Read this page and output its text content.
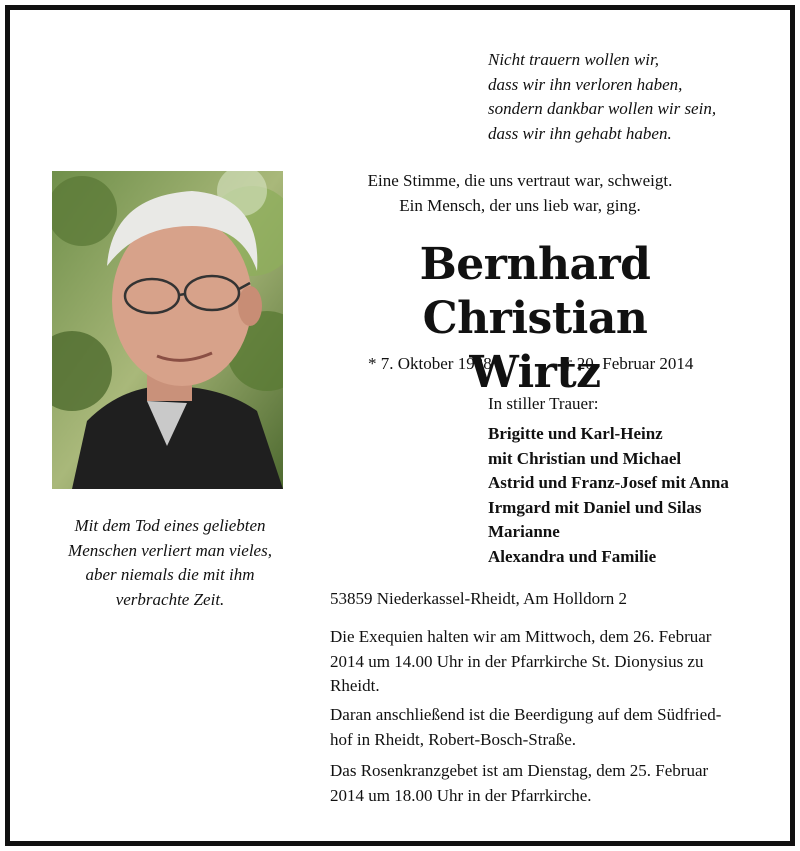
Nicht trauern wollen wir,
dass wir ihn verloren haben,
sondern dankbar wollen wir sein,
dass wir ihn gehabt haben.
Mit dem Tod eines geliebten
Menschen verliert man vieles,
aber niemals die mit ihm
verbrachte Zeit.
Eine Stimme, die uns vertraut war, schweigt.
Ein Mensch, der uns lieb war, ging.
Bernhard Christian
Wirtz
* 7. Oktober 1938	† 20. Februar 2014
In stiller Trauer:
Brigitte und Karl-Heinz
mit Christian und Michael
Astrid und Franz-Josef mit Anna
Irmgard mit Daniel und Silas
Marianne
Alexandra und Familie
53859 Niederkassel-Rheidt, Am Holldorn 2
Die Exequien halten wir am Mittwoch, dem 26. Februar
2014 um 14.00 Uhr in der Pfarrkirche St. Dionysius zu
Rheidt.
Daran anschließend ist die Beerdigung auf dem Südfried-
hof in Rheidt, Robert-Bosch-Straße.
Das Rosenkranzgebet ist am Dienstag, dem 25. Februar
2014 um 18.00 Uhr in der Pfarrkirche.
